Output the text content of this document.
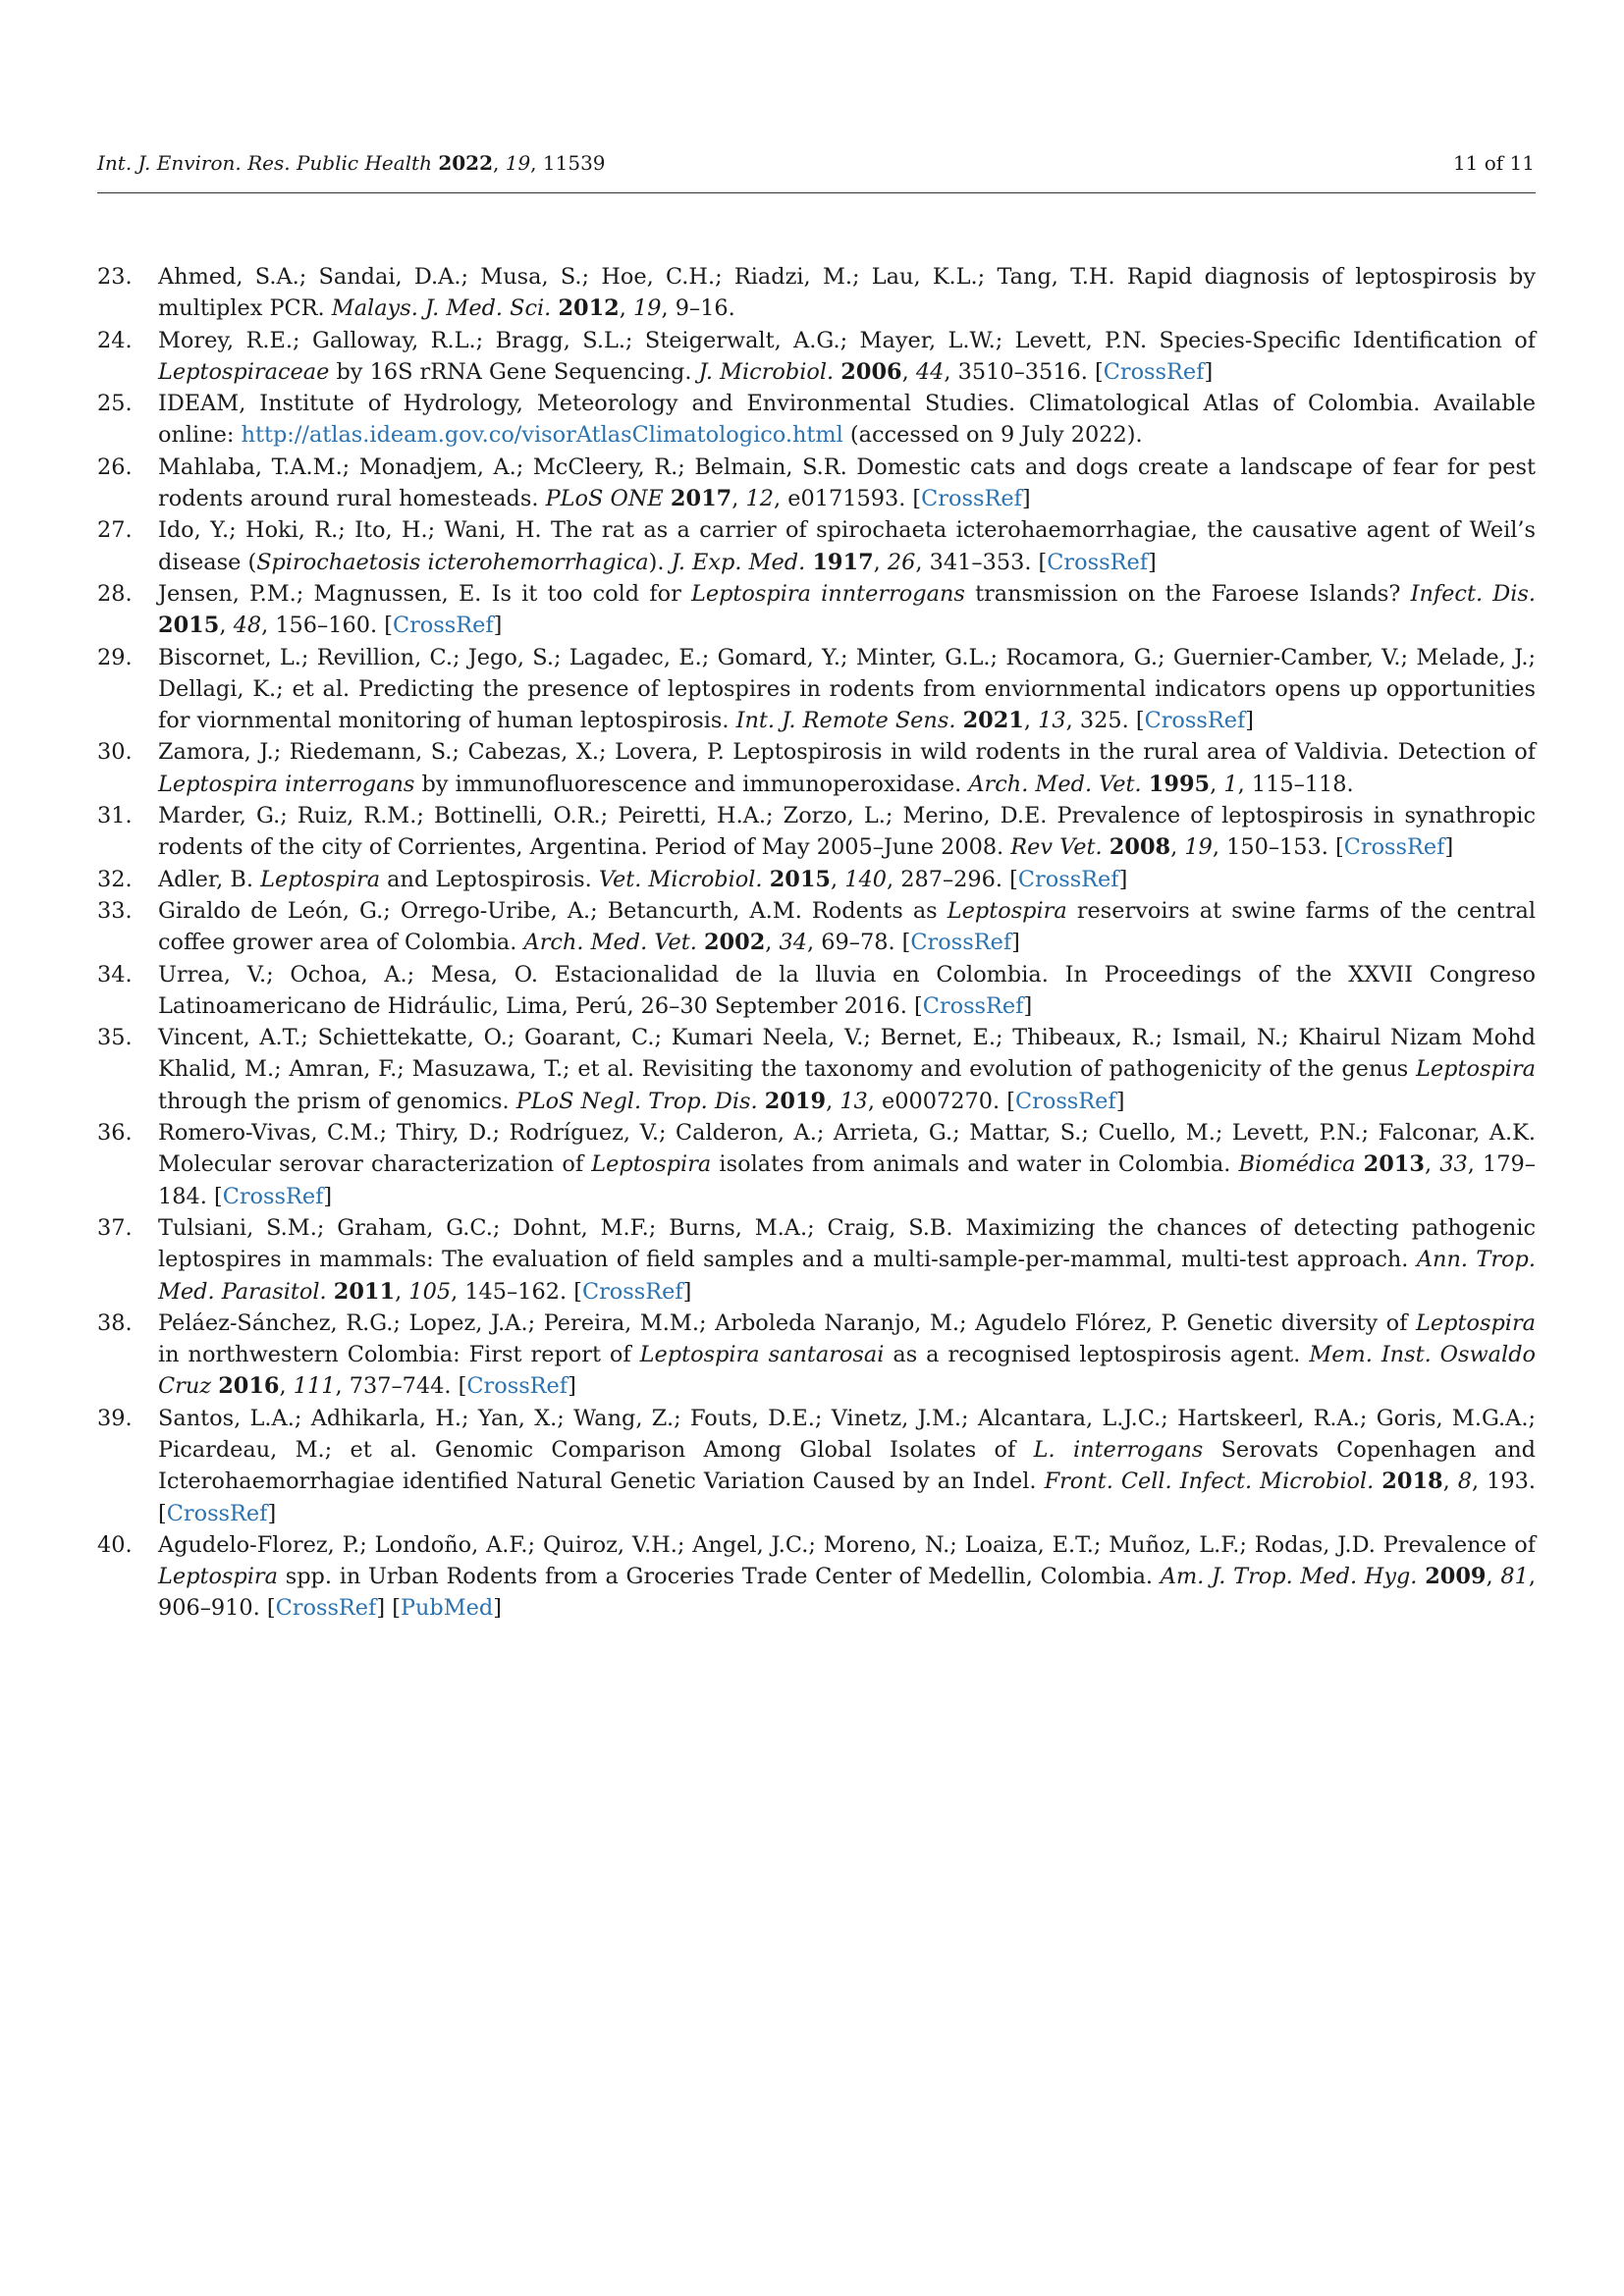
Int. J. Environ. Res. Public Health 2022, 19, 11539	11 of 11
23. Ahmed, S.A.; Sandai, D.A.; Musa, S.; Hoe, C.H.; Riadzi, M.; Lau, K.L.; Tang, T.H. Rapid diagnosis of leptospirosis by multiplex PCR. Malays. J. Med. Sci. 2012, 19, 9–16.
24. Morey, R.E.; Galloway, R.L.; Bragg, S.L.; Steigerwalt, A.G.; Mayer, L.W.; Levett, P.N. Species-Specific Identification of Leptospiraceae by 16S rRNA Gene Sequencing. J. Microbiol. 2006, 44, 3510–3516. [CrossRef]
25. IDEAM, Institute of Hydrology, Meteorology and Environmental Studies. Climatological Atlas of Colombia. Available online: http://atlas.ideam.gov.co/visorAtlasClimatologico.html (accessed on 9 July 2022).
26. Mahlaba, T.A.M.; Monadjem, A.; McCleery, R.; Belmain, S.R. Domestic cats and dogs create a landscape of fear for pest rodents around rural homesteads. PLoS ONE 2017, 12, e0171593. [CrossRef]
27. Ido, Y.; Hoki, R.; Ito, H.; Wani, H. The rat as a carrier of spirochaeta icterohaemorrhagiae, the causative agent of Weil’s disease (Spirochaetosis icterohemorrhagica). J. Exp. Med. 1917, 26, 341–353. [CrossRef]
28. Jensen, P.M.; Magnussen, E. Is it too cold for Leptospira innterrogans transmission on the Faroese Islands? Infect. Dis. 2015, 48, 156–160. [CrossRef]
29. Biscornet, L.; Revillion, C.; Jego, S.; Lagadec, E.; Gomard, Y.; Minter, G.L.; Rocamora, G.; Guernier-Camber, V.; Melade, J.; Dellagi, K.; et al. Predicting the presence of leptospires in rodents from enviornmental indicators opens up opportunities for viornmental monitoring of human leptospirosis. Int. J. Remote Sens. 2021, 13, 325. [CrossRef]
30. Zamora, J.; Riedemann, S.; Cabezas, X.; Lovera, P. Leptospirosis in wild rodents in the rural area of Valdivia. Detection of Leptospira interrogans by immunofluorescence and immunoperoxidase. Arch. Med. Vet. 1995, 1, 115–118.
31. Marder, G.; Ruiz, R.M.; Bottinelli, O.R.; Peiretti, H.A.; Zorzo, L.; Merino, D.E. Prevalence of leptospirosis in synathropic rodents of the city of Corrientes, Argentina. Period of May 2005–June 2008. Rev Vet. 2008, 19, 150–153. [CrossRef]
32. Adler, B. Leptospira and Leptospirosis. Vet. Microbiol. 2015, 140, 287–296. [CrossRef]
33. Giraldo de León, G.; Orrego-Uribe, A.; Betancurth, A.M. Rodents as Leptospira reservoirs at swine farms of the central coffee grower area of Colombia. Arch. Med. Vet. 2002, 34, 69–78. [CrossRef]
34. Urrea, V.; Ochoa, A.; Mesa, O. Estacionalidad de la lluvia en Colombia. In Proceedings of the XXVII Congreso Latinoamericano de Hidráulic, Lima, Perú, 26–30 September 2016. [CrossRef]
35. Vincent, A.T.; Schiettekatte, O.; Goarant, C.; Kumari Neela, V.; Bernet, E.; Thibeaux, R.; Ismail, N.; Khairul Nizam Mohd Khalid, M.; Amran, F.; Masuzawa, T.; et al. Revisiting the taxonomy and evolution of pathogenicity of the genus Leptospira through the prism of genomics. PLoS Negl. Trop. Dis. 2019, 13, e0007270. [CrossRef]
36. Romero-Vivas, C.M.; Thiry, D.; Rodríguez, V.; Calderon, A.; Arrieta, G.; Mattar, S.; Cuello, M.; Levett, P.N.; Falconar, A.K. Molecular serovar characterization of Leptospira isolates from animals and water in Colombia. Biomédica 2013, 33, 179–184. [CrossRef]
37. Tulsiani, S.M.; Graham, G.C.; Dohnt, M.F.; Burns, M.A.; Craig, S.B. Maximizing the chances of detecting pathogenic leptospires in mammals: The evaluation of field samples and a multi-sample-per-mammal, multi-test approach. Ann. Trop. Med. Parasitol. 2011, 105, 145–162. [CrossRef]
38. Peláez-Sánchez, R.G.; Lopez, J.A.; Pereira, M.M.; Arboleda Naranjo, M.; Agudelo Flórez, P. Genetic diversity of Leptospira in northwestern Colombia: First report of Leptospira santarosai as a recognised leptospirosis agent. Mem. Inst. Oswaldo Cruz 2016, 111, 737–744. [CrossRef]
39. Santos, L.A.; Adhikarla, H.; Yan, X.; Wang, Z.; Fouts, D.E.; Vinetz, J.M.; Alcantara, L.J.C.; Hartskeerl, R.A.; Goris, M.G.A.; Picardeau, M.; et al. Genomic Comparison Among Global Isolates of L. interrogans Serovats Copenhagen and Icterohaemorrhagiae identified Natural Genetic Variation Caused by an Indel. Front. Cell. Infect. Microbiol. 2018, 8, 193. [CrossRef]
40. Agudelo-Florez, P.; Londoño, A.F.; Quiroz, V.H.; Angel, J.C.; Moreno, N.; Loaiza, E.T.; Muñoz, L.F.; Rodas, J.D. Prevalence of Leptospira spp. in Urban Rodents from a Groceries Trade Center of Medellin, Colombia. Am. J. Trop. Med. Hyg. 2009, 81, 906–910. [CrossRef] [PubMed]
